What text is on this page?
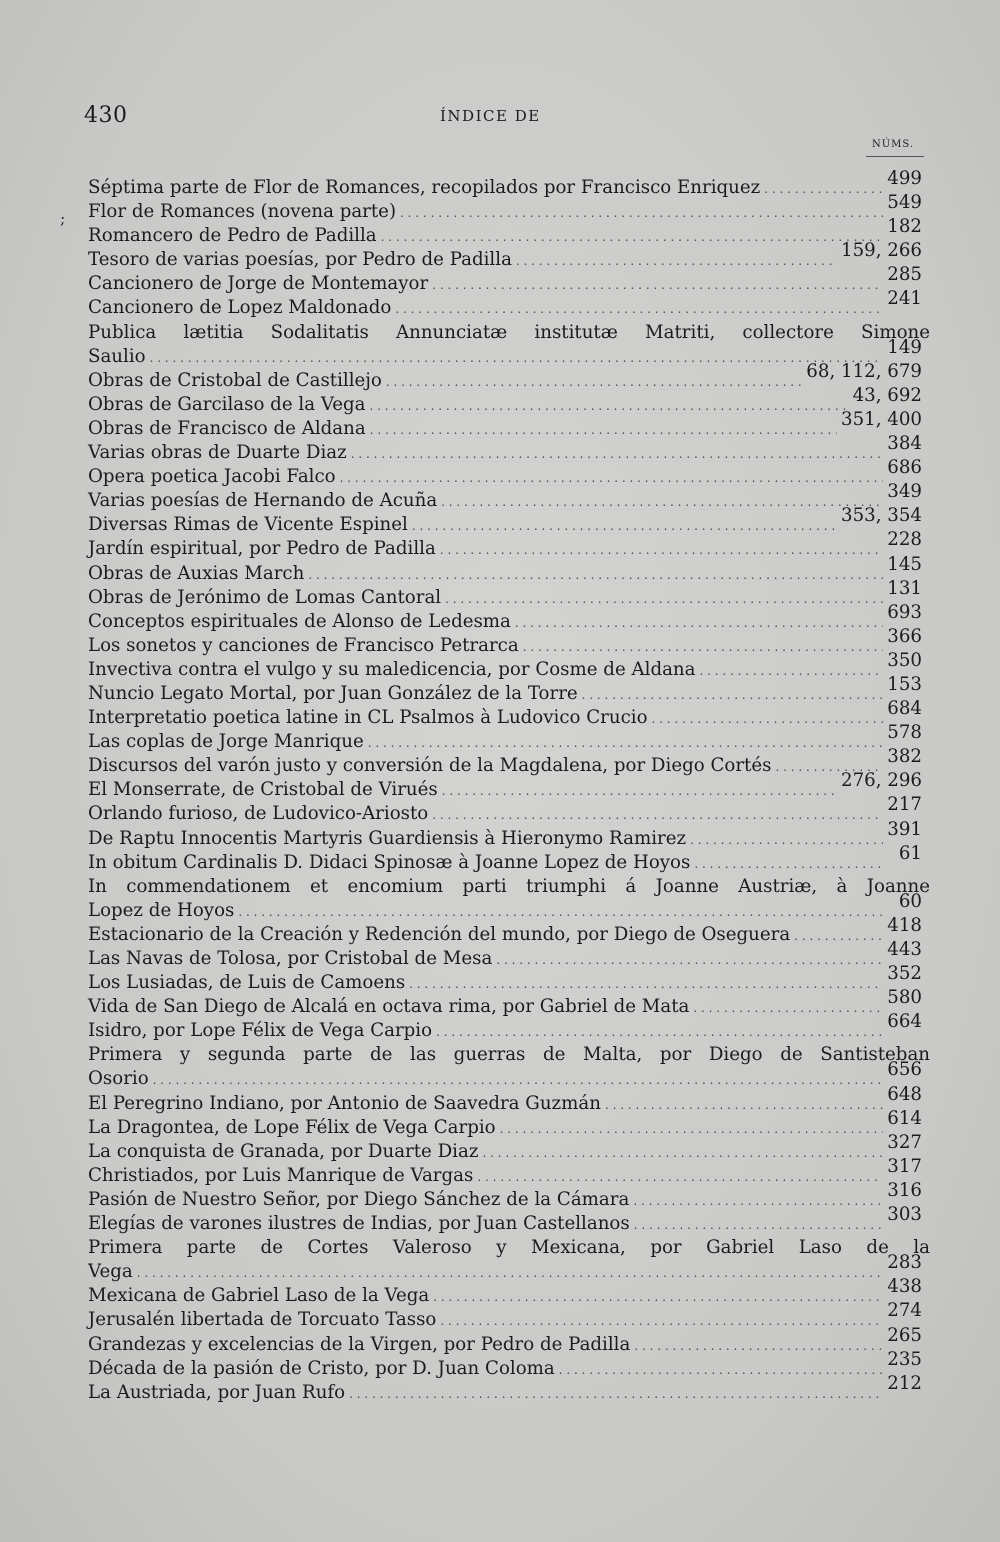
430	ÍNDICE DE
NÚMS.
;
Séptima parte de Flor de Romances, recopilados por Francisco Enriquez . . .	499
Flor de Romances (novena parte) . . .	549
Romancero de Pedro de Padilla . . .	182
Tesoro de varias poesías, por Pedro de Padilla . . .	159, 266
Cancionero de Jorge de Montemayor . . .	285
Cancionero de Lopez Maldonado . . .	241
Publica lætitia Sodalitatis Annunciatæ institutæ Matriti, collectore Simone
Saulio . . .	149
Obras de Cristobal de Castillejo . . .	68, 112, 679
Obras de Garcilaso de la Vega . . .	43, 692
Obras de Francisco de Aldana . . .	351, 400
Varias obras de Duarte Diaz . . .	384
Opera poetica Jacobi Falco . . .	686
Varias poesías de Hernando de Acuña . . .	349
Diversas Rimas de Vicente Espinel . . .	353, 354
Jardín espiritual, por Pedro de Padilla . . .	228
Obras de Auxias March . . .	145
Obras de Jerónimo de Lomas Cantoral . . .	131
Conceptos espirituales de Alonso de Ledesma . . .	693
Los sonetos y canciones de Francisco Petrarca . . .	366
Invectiva contra el vulgo y su maledicencia, por Cosme de Aldana . . .	350
Nuncio Legato Mortal, por Juan González de la Torre . . .	153
Interpretatio poetica latine in CL Psalmos à Ludovico Crucio . . .	684
Las coplas de Jorge Manrique . . .	578
Discursos del varón justo y conversión de la Magdalena, por Diego Cortés . . .	382
El Monserrate, de Cristobal de Virués . . .	276, 296
Orlando furioso, de Ludovico-Ariosto . . .	217
De Raptu Innocentis Martyris Guardiensis à Hieronymo Ramirez . . .	391
In obitum Cardinalis D. Didaci Spinosæ à Joanne Lopez de Hoyos . . .	61
In commendationem et encomium parti triumphi á Joanne Austriæ, à Joanne
Lopez de Hoyos . . .	60
Estacionario de la Creación y Redención del mundo, por Diego de Oseguera . . .	418
Las Navas de Tolosa, por Cristobal de Mesa . . .	443
Los Lusiadas, de Luis de Camoens . . .	352
Vida de San Diego de Alcalá en octava rima, por Gabriel de Mata . . .	580
Isidro, por Lope Félix de Vega Carpio . . .	664
Primera y segunda parte de las guerras de Malta, por Diego de Santisteban
Osorio . . .	656
El Peregrino Indiano, por Antonio de Saavedra Guzmán . . .	648
La Dragontea, de Lope Félix de Vega Carpio . . .	614
La conquista de Granada, por Duarte Diaz . . .	327
Christiados, por Luis Manrique de Vargas . . .	317
Pasión de Nuestro Señor, por Diego Sánchez de la Cámara . . .	316
Elegías de varones ilustres de Indias, por Juan Castellanos . . .	303
Primera parte de Cortes Valeroso y Mexicana, por Gabriel Laso de la
Vega . . .	283
Mexicana de Gabriel Laso de la Vega . . .	438
Jerusalén libertada de Torcuato Tasso . . .	274
Grandezas y excelencias de la Virgen, por Pedro de Padilla . . .	265
Década de la pasión de Cristo, por D. Juan Coloma . . .	235
La Austriada, por Juan Rufo . . .	212
